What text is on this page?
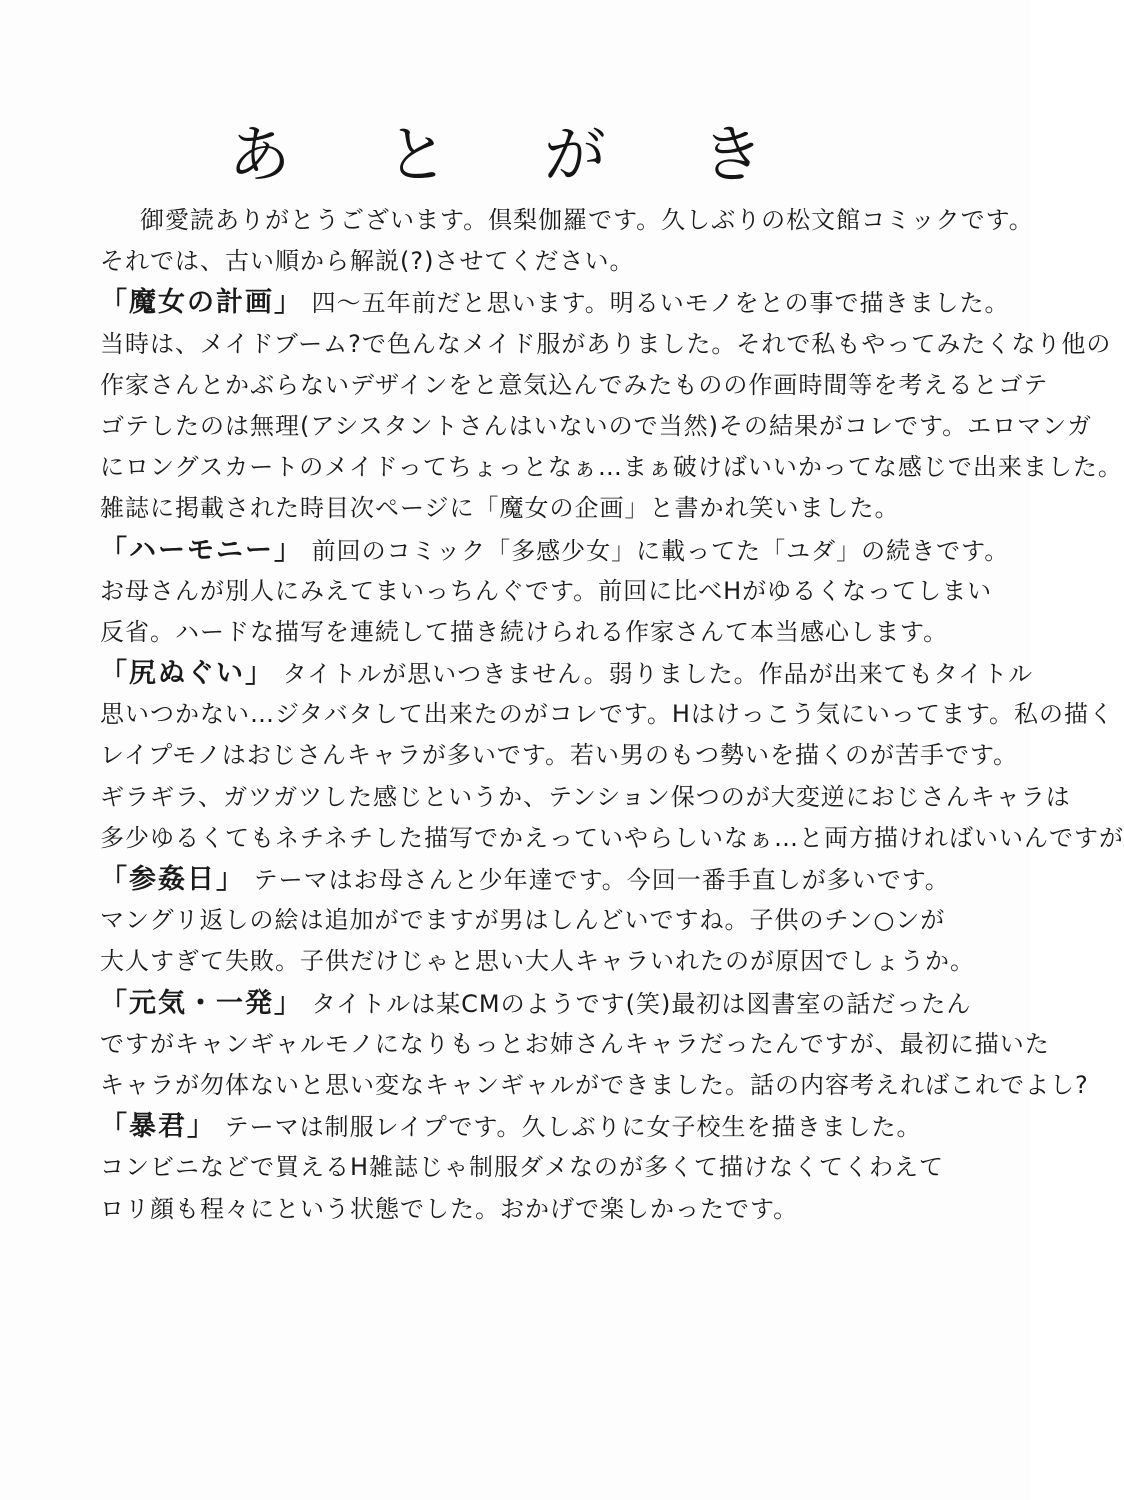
あ と が き
御愛読ありがとうございます。倶梨伽羅です。久しぶりの松文館コミックです。
それでは、古い順から解説(?)させてください。
「魔女の計画」 四～五年前だと思います。明るいモノをとの事で描きました。
当時は、メイドブーム?で色んなメイド服がありました。それで私もやってみたくなり他の
作家さんとかぶらないデザインをと意気込んでみたものの作画時間等を考えるとゴテ
ゴテしたのは無理(アシスタントさんはいないので当然)その結果がコレです。エロマンガ
にロングスカートのメイドってちょっとなぁ…まぁ破けばいいかってな感じで出来ました。
雑誌に掲載された時目次ページに「魔女の企画」と書かれ笑いました。
「ハーモニー」 前回のコミック「多感少女」に載ってた「ユダ」の続きです。
お母さんが別人にみえてまいっちんぐです。前回に比べHがゆるくなってしまい
反省。ハードな描写を連続して描き続けられる作家さんて本当感心します。
「尻ぬぐい」 タイトルが思いつきません。弱りました。作品が出来てもタイトル
思いつかない…ジタバタして出来たのがコレです。Hはけっこう気にいってます。私の描く
レイプモノはおじさんキャラが多いです。若い男のもつ勢いを描くのが苦手です。
ギラギラ、ガツガツした感じというか、テンション保つのが大変逆におじさんキャラは
多少ゆるくてもネチネチした描写でかえっていやらしいなぁ…と両方描ければいいんですが
「参姦日」 テーマはお母さんと少年達です。今回一番手直しが多いです。
マングリ返しの絵は追加がでますが男はしんどいですね。子供のチン○ンが
大人すぎて失敗。子供だけじゃと思い大人キャラいれたのが原因でしょうか。
「元気・一発」 タイトルは某CMのようです(笑)最初は図書室の話だったん
ですがキャンギャルモノになりもっとお姉さんキャラだったんですが、最初に描いた
キャラが勿体ないと思い変なキャンギャルができました。話の内容考えればこれでよし?
「暴君」 テーマは制服レイプです。久しぶりに女子校生を描きました。
コンビニなどで買えるH雑誌じゃ制服ダメなのが多くて描けなくてくわえて
ロリ顔も程々にという状態でした。おかげで楽しかったです。
